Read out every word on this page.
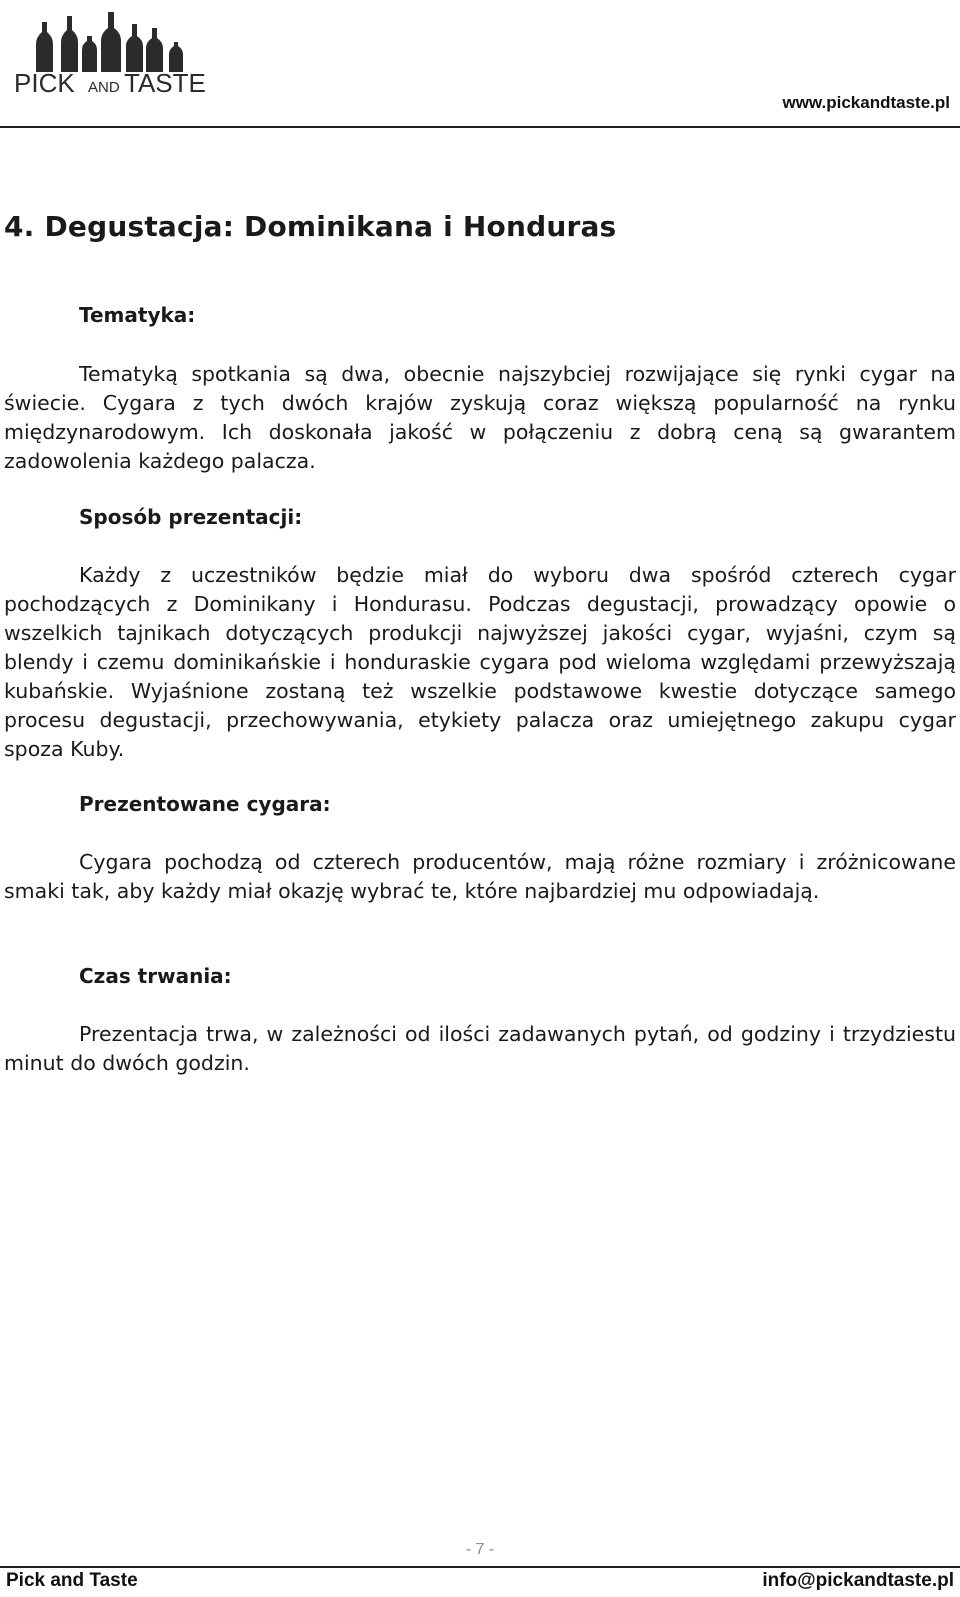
PICK AND TASTE
www.pickandtaste.pl
4. Degustacja: Dominikana i Honduras
Tematyka:
Tematyką spotkania są dwa, obecnie najszybciej rozwijające się rynki cygar na świecie. Cygara z tych dwóch krajów zyskują coraz większą popularność na rynku międzynarodowym. Ich doskonała jakość w połączeniu z dobrą ceną są gwarantem zadowolenia każdego palacza.
Sposób prezentacji:
Każdy z uczestników będzie miał do wyboru dwa spośród czterech cygar pochodzących z Dominikany i Hondurasu. Podczas degustacji, prowadzący opowie o wszelkich tajnikach dotyczących produkcji najwyższej jakości cygar, wyjaśni, czym są blendy i czemu dominikańskie i honduraskie cygara pod wieloma względami przewyższają kubańskie. Wyjaśnione zostaną też wszelkie podstawowe kwestie dotyczące samego procesu degustacji, przechowywania, etykiety palacza oraz umiejętnego zakupu cygar spoza Kuby.
Prezentowane cygara:
Cygara pochodzą od czterech producentów, mają różne rozmiary i zróżnicowane smaki tak, aby każdy miał okazję wybrać te, które najbardziej mu odpowiadają.
Czas trwania:
Prezentacja trwa, w zależności od ilości zadawanych pytań, od godziny i trzydziestu minut do dwóch godzin.
- 7 -
Pick and Taste	info@pickandtaste.pl
